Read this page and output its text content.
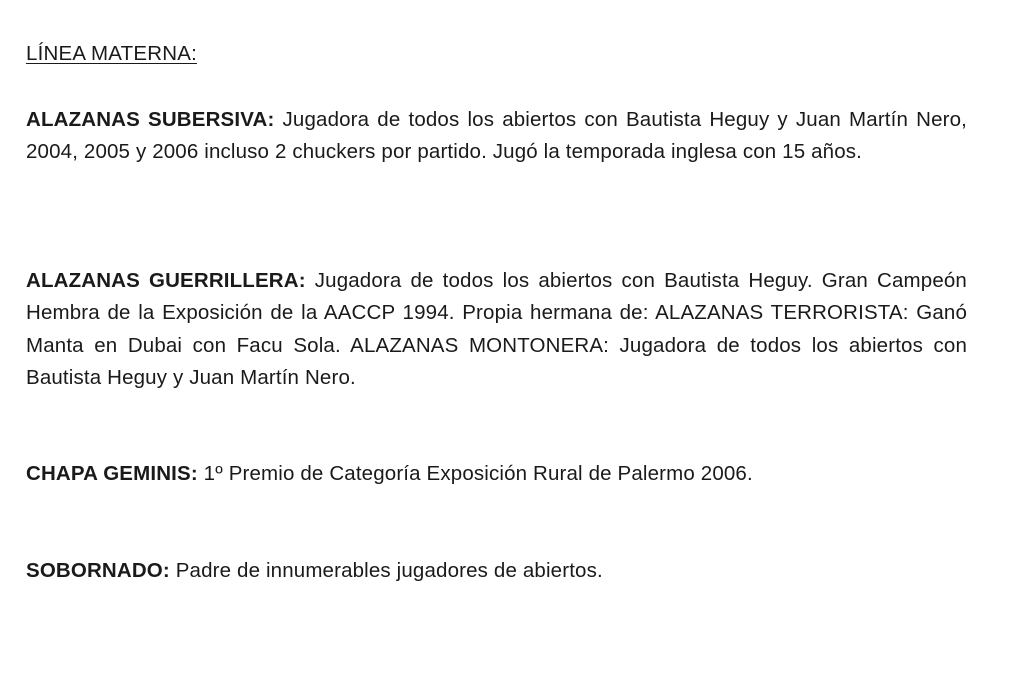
LÍNEA MATERNA:

ALAZANAS SUBERSIVA: Jugadora de todos los abiertos con Bautista Heguy y Juan Martín Nero, 2004, 2005 y 2006 incluso 2 chuckers por partido. Jugó la temporada inglesa con 15 años.

ALAZANAS GUERRILLERA: Jugadora de todos los abiertos con Bautista Heguy. Gran Campeón Hembra de la Exposición de la AACCP 1994. Propia hermana de: ALAZANAS TERRORISTA: Ganó Manta en Dubai con Facu Sola. ALAZANAS MONTONERA: Jugadora de todos los abiertos con Bautista Heguy y Juan Martín Nero.

CHAPA GEMINIS: 1º Premio de Categoría Exposición Rural de Palermo 2006.

SOBORNADO: Padre de innumerables jugadores de abiertos.
